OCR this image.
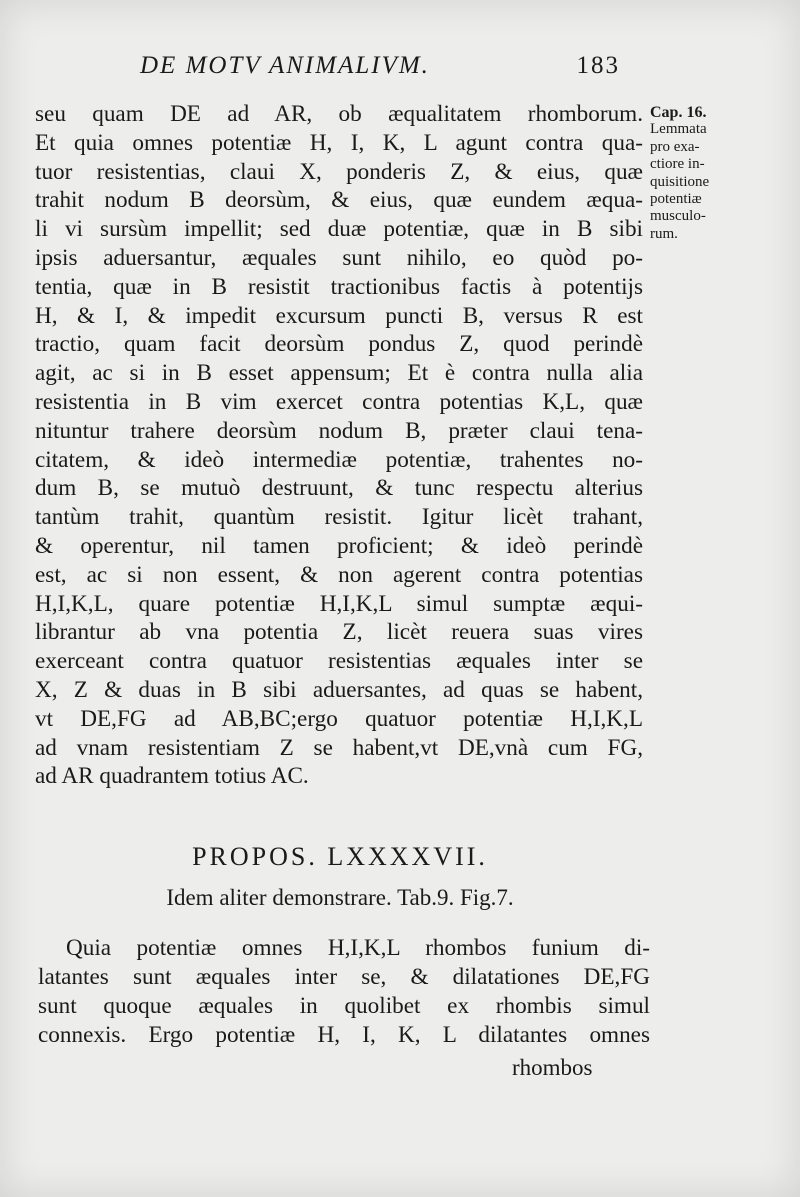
DE MOTV ANIMALIVM.	183
seu quam DE ad AR, ob æqualitatem rhomborum.
Et quia omnes potentiæ H, I, K, L agunt contra qua-
tuor resistentias, claui X, ponderis Z, & eius, quæ
trahit nodum B deorsùm, & eius, quæ eundem æqua-
li vi sursùm impellit; sed duæ potentiæ, quæ in B sibi
ipsis aduersantur, æquales sunt nihilo, eo quòd po-
tentia, quæ in B resistit tractionibus factis à potentijs
H, & I, & impedit excursum puncti B, versus R est
tractio, quam facit deorsùm pondus Z, quod perindè
agit, ac si in B esset appensum; Et è contra nulla alia
resistentia in B vim exercet contra potentias K,L, quæ
nituntur trahere deorsùm nodum B, præter claui tena-
citatem, & ideò intermediæ potentiæ, trahentes no-
dum B, se mutuò destruunt, & tunc respectu alterius
tantùm trahit, quantùm resistit. Igitur licèt trahant,
& operentur, nil tamen proficient; & ideò perindè
est, ac si non essent, & non agerent contra potentias
H,I,K,L, quare potentiæ H,I,K,L simul sumptæ æqui-
librantur ab vna potentia Z, licèt reuera suas vires
exerceant contra quatuor resistentias æquales inter se
X, Z & duas in B sibi aduersantes, ad quas se habent,
vt DE,FG ad AB,BC;ergo quatuor potentiæ H,I,K,L
ad vnam resistentiam Z se habent,vt DE,vnà cum FG,
ad AR quadrantem totius AC.
Cap. 16.
Lemmata
pro exa-
ctiore in-
quisitione
potentiæ
musculo-
rum.
PROPOS. LXXXXVII.
Idem aliter demonstrare. Tab.9. Fig.7.
Quia potentiæ omnes H,I,K,L rhombos funium di-
latantes sunt æquales inter se, & dilatationes DE,FG
sunt quoque æquales in quolibet ex rhombis simul
connexis. Ergo potentiæ H, I, K, L dilatantes omnes
rhombos
